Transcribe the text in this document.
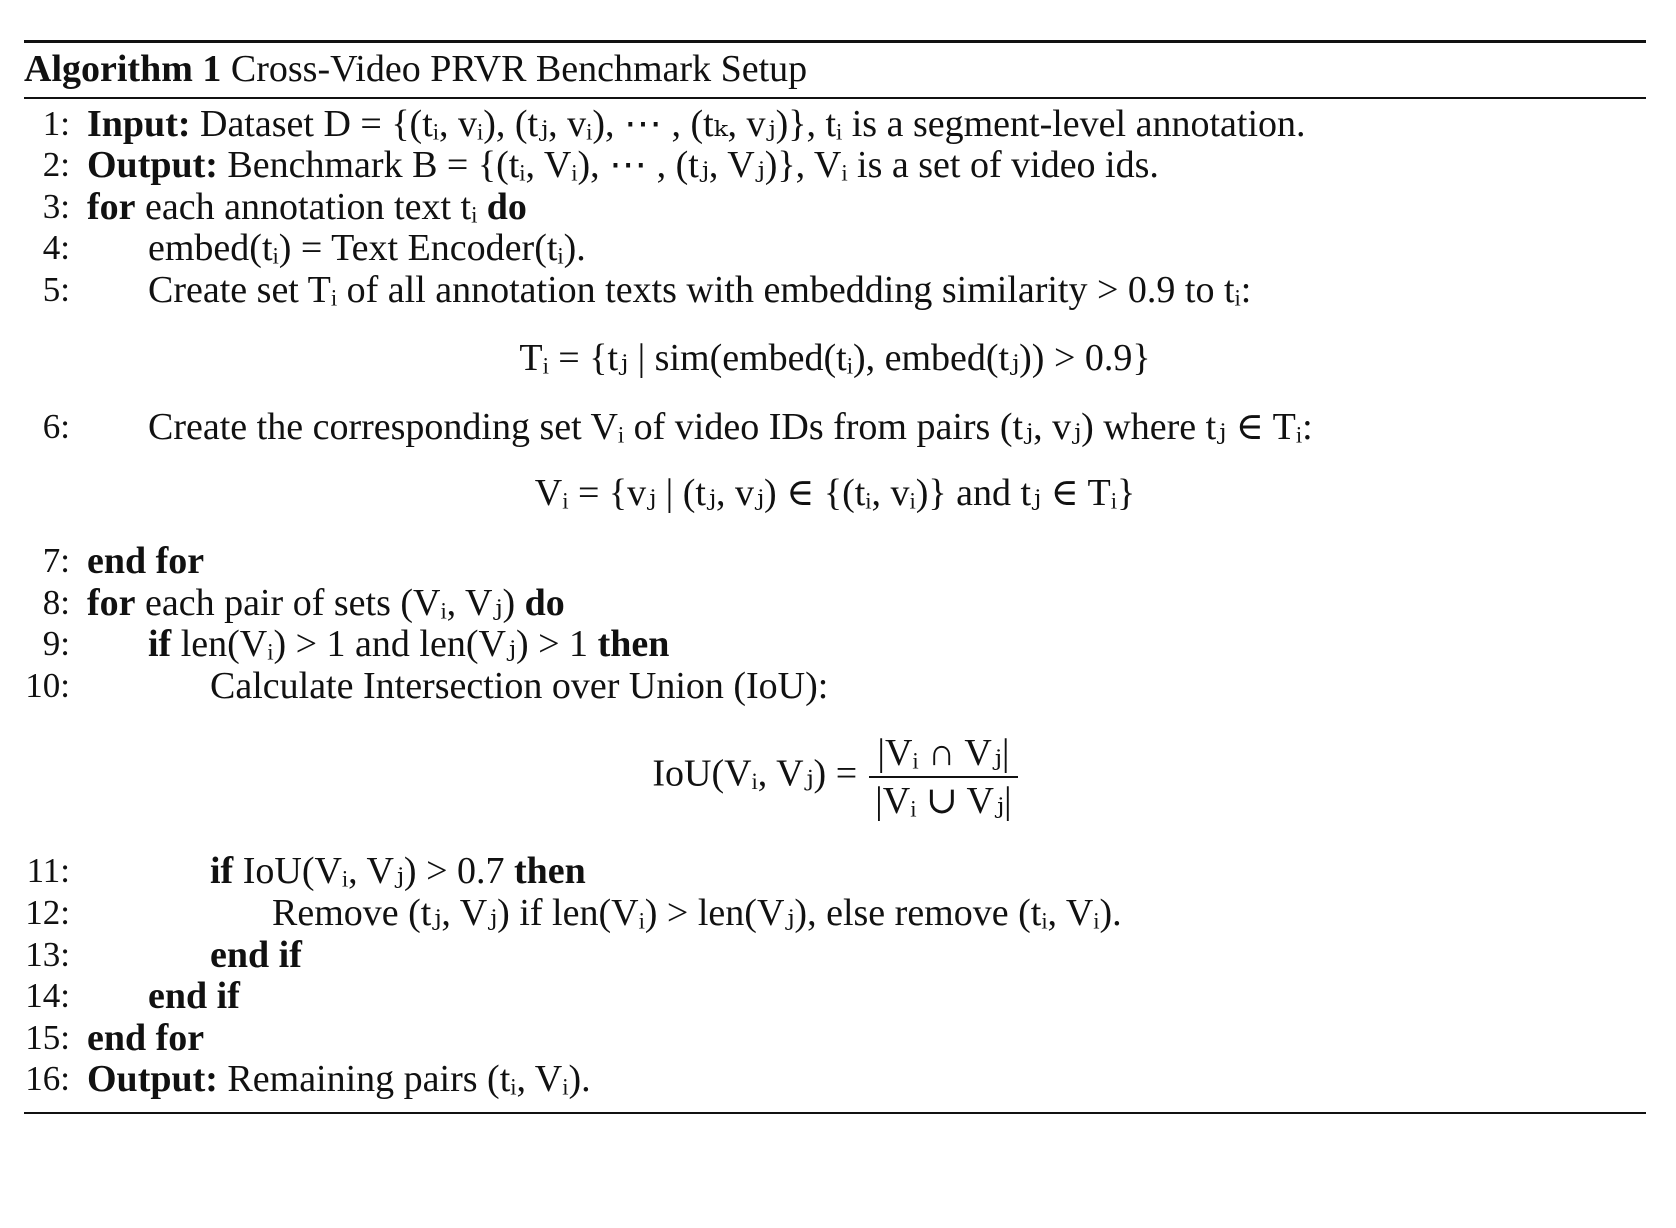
Algorithm 1 Cross-Video PRVR Benchmark Setup
1: Input: Dataset D = {(tᵢ, vᵢ), (tⱼ, vᵢ), ⋯ , (tₖ, vⱼ)}, tᵢ is a segment-level annotation.
2: Output: Benchmark B = {(tᵢ, Vᵢ), ⋯ , (tⱼ, Vⱼ)}, Vᵢ is a set of video ids.
3: for each annotation text tᵢ do
4: embed(tᵢ) = Text Encoder(tᵢ).
5: Create set Tᵢ of all annotation texts with embedding similarity > 0.9 to tᵢ:
Tᵢ = {tⱼ | sim(embed(tᵢ), embed(tⱼ)) > 0.9}
6: Create the corresponding set Vᵢ of video IDs from pairs (tⱼ, vⱼ) where tⱼ ∈ Tᵢ:
Vᵢ = {vⱼ | (tⱼ, vⱼ) ∈ {(tᵢ, vᵢ)} and tⱼ ∈ Tᵢ}
7: end for
8: for each pair of sets (Vᵢ, Vⱼ) do
9: if len(Vᵢ) > 1 and len(Vⱼ) > 1 then
10:	Calculate Intersection over Union (IoU):
IoU(Vᵢ, Vⱼ) = $\frac{\text{|Vᵢ ∩ Vⱼ|}}{\text{|Vᵢ ∪ Vⱼ|}}$
11:	if IoU(Vᵢ, Vⱼ) > 0.7 then
12:	Remove (tⱼ, Vⱼ) if len(Vᵢ) > len(Vⱼ), else remove (tᵢ, Vᵢ).
13:	end if
14: end if
15: end for
16: Output: Remaining pairs (tᵢ, Vᵢ).
